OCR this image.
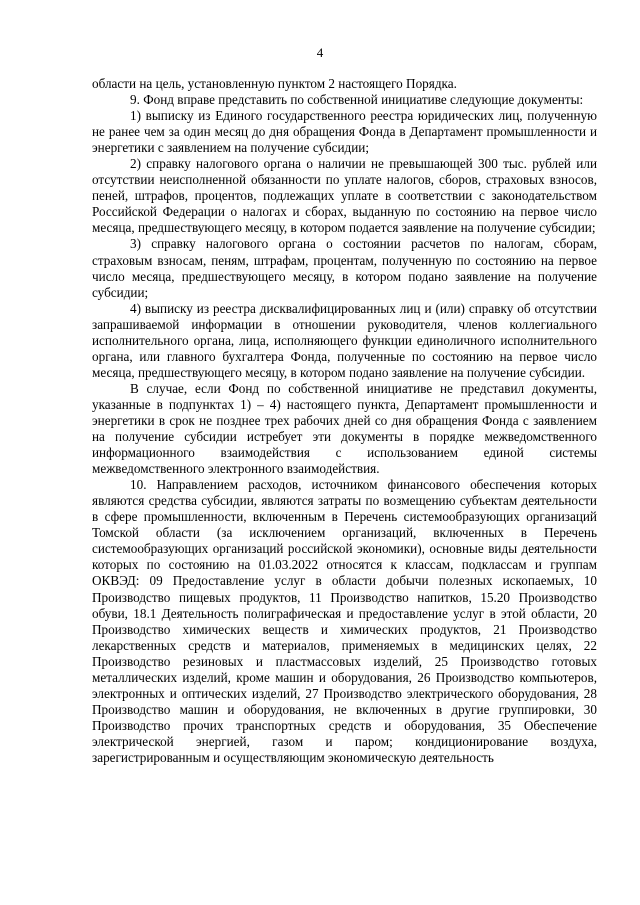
4

области на цель, установленную пунктом 2 настоящего Порядка.

9. Фонд вправе представить по собственной инициативе следующие документы:

1) выписку из Единого государственного реестра юридических лиц, полученную не ранее чем за один месяц до дня обращения Фонда в Департамент промышленности и энергетики с заявлением на получение субсидии;

2) справку налогового органа о наличии не превышающей 300 тыс. рублей или отсутствии неисполненной обязанности по уплате налогов, сборов, страховых взносов, пеней, штрафов, процентов, подлежащих уплате в соответствии с законодательством Российской Федерации о налогах и сборах, выданную по состоянию на первое число месяца, предшествующего месяцу, в котором подается заявление на получение субсидии;

3) справку налогового органа о состоянии расчетов по налогам, сборам, страховым взносам, пеням, штрафам, процентам, полученную по состоянию на первое число месяца, предшествующего месяцу, в котором подано заявление на получение субсидии;

4) выписку из реестра дисквалифицированных лиц и (или) справку об отсутствии запрашиваемой информации в отношении руководителя, членов коллегиального исполнительного органа, лица, исполняющего функции единоличного исполнительного органа, или главного бухгалтера Фонда, полученные по состоянию на первое число месяца, предшествующего месяцу, в котором подано заявление на получение субсидии.

В случае, если Фонд по собственной инициативе не представил документы, указанные в подпунктах 1) – 4) настоящего пункта, Департамент промышленности и энергетики в срок не позднее трех рабочих дней со дня обращения Фонда с заявлением на получение субсидии истребует эти документы в порядке межведомственного информационного взаимодействия с использованием единой системы межведомственного электронного взаимодействия.

10. Направлением расходов, источником финансового обеспечения которых являются средства субсидии, являются затраты по возмещению субъектам деятельности в сфере промышленности, включенным в Перечень системообразующих организаций Томской области (за исключением организаций, включенных в Перечень системообразующих организаций российской экономики), основные виды деятельности которых по состоянию на 01.03.2022 относятся к классам, подклассам и группам ОКВЭД: 09 Предоставление услуг в области добычи полезных ископаемых, 10 Производство пищевых продуктов, 11 Производство напитков, 15.20 Производство обуви, 18.1 Деятельность полиграфическая и предоставление услуг в этой области, 20 Производство химических веществ и химических продуктов, 21 Производство лекарственных средств и материалов, применяемых в медицинских целях, 22 Производство резиновых и пластмассовых изделий, 25 Производство готовых металлических изделий, кроме машин и оборудования, 26 Производство компьютеров, электронных и оптических изделий, 27 Производство электрического оборудования, 28 Производство машин и оборудования, не включенных в другие группировки, 30 Производство прочих транспортных средств и оборудования, 35 Обеспечение электрической энергией, газом и паром; кондиционирование воздуха, зарегистрированным и осуществляющим экономическую деятельность
